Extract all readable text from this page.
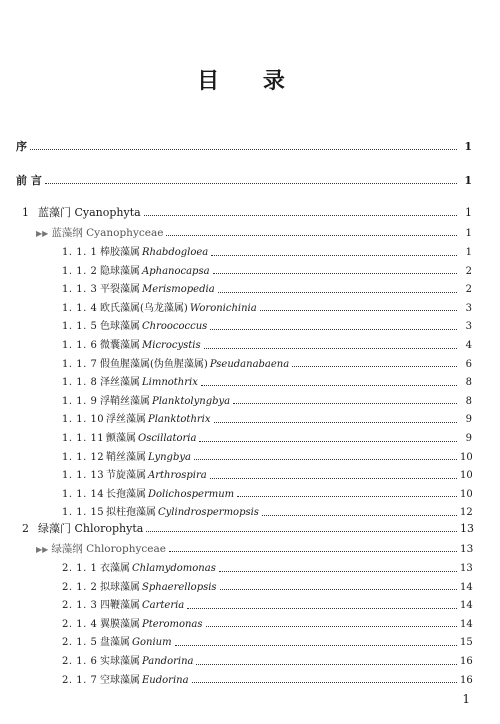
目 录
序	1
前 言	1
1 蓝藻门 Cyanophyta	1
▶ ▶ 蓝藻纲 Cyanophyceae	1
1. 1. 1 棒胶藻属 Rhabdogloea	1
1. 1. 2 隐球藻属 Aphanocapsa	2
1. 1. 3 平裂藻属 Merismopedia	2
1. 1. 4 欧氏藻属(乌龙藻属) Woronichinia	3
1. 1. 5 色球藻属 Chroococcus	3
1. 1. 6 微囊藻属 Microcystis	4
1. 1. 7 假鱼腥藻属(伪鱼腥藻属) Pseudanabaena	6
1. 1. 8 泽丝藻属 Limnothrix	8
1. 1. 9 浮鞘丝藻属 Planktolyngbya	8
1. 1. 10 浮丝藻属 Planktothrix	9
1. 1. 11 颤藻属 Oscillatoria	9
1. 1. 12 鞘丝藻属 Lyngbya	10
1. 1. 13 节旋藻属 Arthrospira	10
1. 1. 14 长孢藻属 Dolichospermum	10
1. 1. 15 拟柱孢藻属 Cylindrospermopsis	12
2 绿藻门 Chlorophyta	13
▶ ▶ 绿藻纲 Chlorophyceae	13
2. 1. 1 衣藻属 Chlamydomonas	13
2. 1. 2 拟球藻属 Sphaerellopsis	14
2. 1. 3 四鞭藻属 Carteria	14
2. 1. 4 翼膜藻属 Pteromonas	14
2. 1. 5 盘藻属 Gonium	15
2. 1. 6 实球藻属 Pandorina	16
2. 1. 7 空球藻属 Eudorina	16
1
